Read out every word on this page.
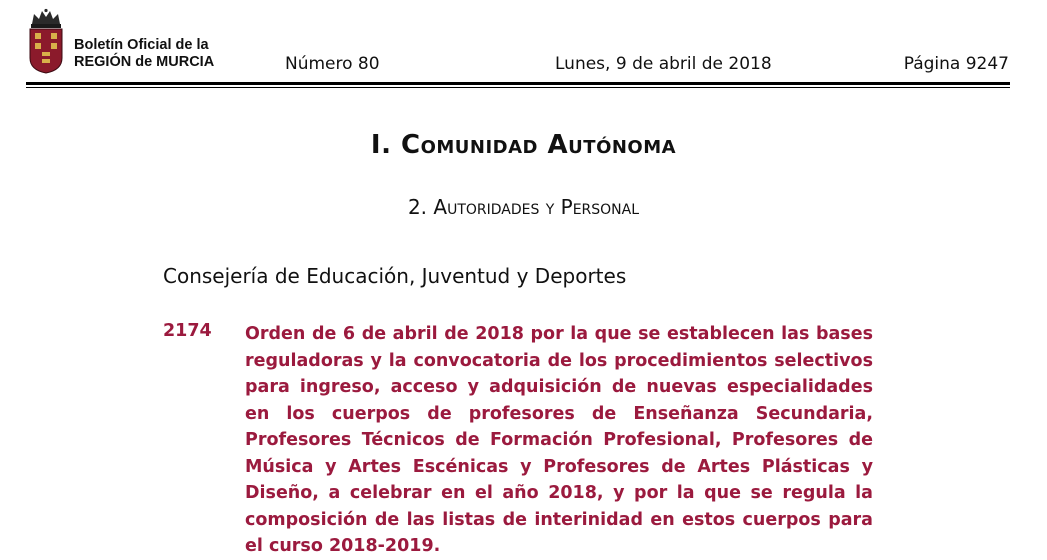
Boletín Oficial de la
REGIÓN de MURCIA	Número 80	Lunes, 9 de abril de 2018	Página 9247
I. Comunidad Autónoma
2. Autoridades y Personal
Consejería de Educación, Juventud y Deportes
2174 Orden de 6 de abril de 2018 por la que se establecen las bases reguladoras y la convocatoria de los procedimientos selectivos para ingreso, acceso y adquisición de nuevas especialidades en los cuerpos de profesores de Enseñanza Secundaria, Profesores Técnicos de Formación Profesional, Profesores de Música y Artes Escénicas y Profesores de Artes Plásticas y Diseño, a celebrar en el año 2018, y por la que se regula la composición de las listas de interinidad en estos cuerpos para el curso 2018-2019.
